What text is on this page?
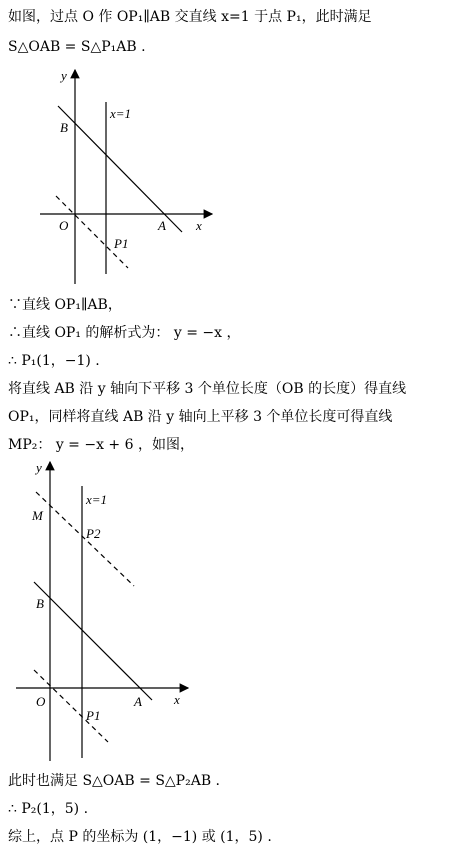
如图，过点 O 作 OP₁∥AB 交直线 x=1 于点 P₁，此时满足
S△OAB = S△P₁AB .
y
x
O
B
A
P1
x=1
∵直线 OP₁∥AB，
∴直线 OP₁ 的解析式为： y = −x ，
∴ P₁(1，−1) .
将直线 AB 沿 y 轴向下平移 3 个单位长度（OB 的长度）得直线
OP₁，同样将直线 AB 沿 y 轴向上平移 3 个单位长度可得直线
MP₂： y = −x + 6 ，如图，
y
x
O
M
P2
B
A
P1
x=1
此时也满足 S△OAB = S△P₂AB .
∴ P₂(1，5) .
综上，点 P 的坐标为 (1，−1) 或 (1，5) .
